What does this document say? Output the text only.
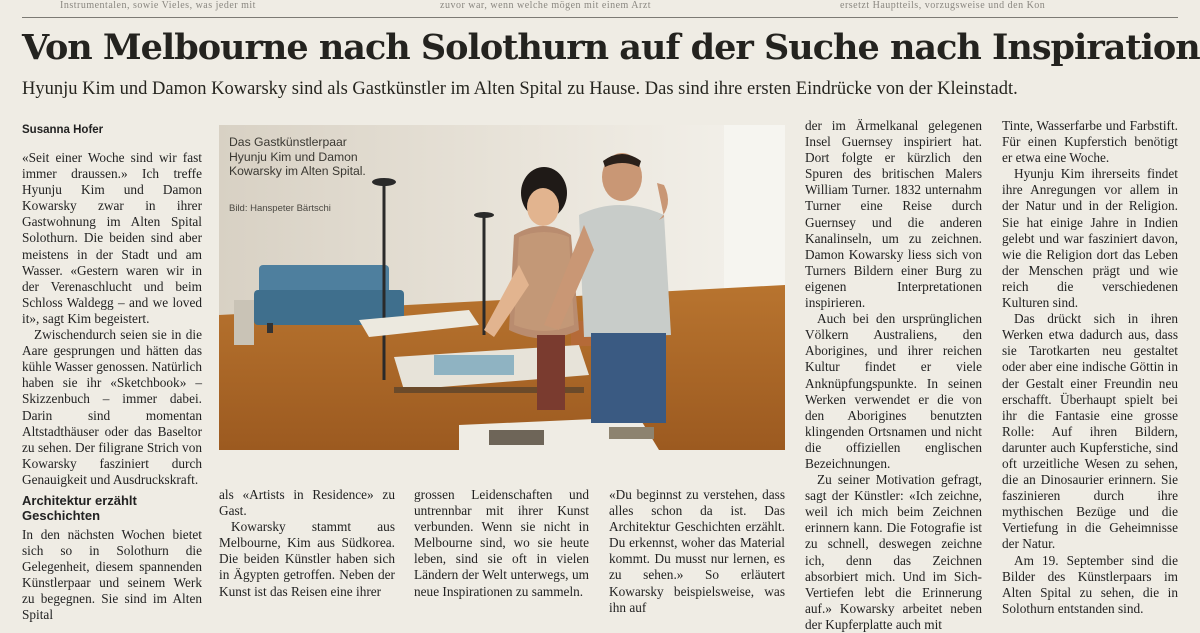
Instrumentalen, sowie Vieles, was jeder mit	zuvor war, wenn welche mögen mit einem Arzt	ersetzt Hauptteils, vorzugsweise und den Kon
Von Melbourne nach Solothurn auf der Suche nach Inspiration
Hyunju Kim und Damon Kowarsky sind als Gastkünstler im Alten Spital zu Hause. Das sind ihre ersten Eindrücke von der Kleinstadt.
Susanna Hofer

«Seit einer Woche sind wir fast immer draussen.» Ich treffe Hyunju Kim und Damon Kowarsky zwar in ihrer Gastwohnung im Alten Spital Solothurn. Die beiden sind aber meistens in der Stadt und am Wasser. «Gestern waren wir in der Verenaschlucht und beim Schloss Waldegg – and we loved it», sagt Kim begeistert.

Zwischendurch seien sie in die Aare gesprungen und hätten das kühle Wasser genossen. Natürlich haben sie ihr «Sketchbook» – Skizzenbuch – immer dabei. Darin sind momentan Altstadthäuser oder das Baseltor zu sehen. Der filigrane Strich von Kowarsky fasziniert durch Genauigkeit und Ausdruckskraft.

Architektur erzählt Geschichten

In den nächsten Wochen bietet sich so in Solothurn die Gelegenheit, diesem spannenden Künstlerpaar und seinem Werk zu begegnen. Sie sind im Alten Spital

Das Gastkünstlerpaar Hyunju Kim und Damon Kowarsky im Alten Spital.
Bild: Hanspeter Bärtschi

als «Artists in Residence» zu Gast.

Kowarsky stammt aus Melbourne, Kim aus Südkorea. Die beiden Künstler haben sich in Ägypten getroffen. Neben der Kunst ist das Reisen eine ihrer

grossen Leidenschaften und untrennbar mit ihrer Kunst verbunden. Wenn sie nicht in Melbourne sind, wo sie heute leben, sind sie oft in vielen Ländern der Welt unterwegs, um neue Inspirationen zu sammeln.

«Du beginnst zu verstehen, dass alles schon da ist. Das Architektur Geschichten erzählt. Du erkennst, woher das Material kommt. Du musst nur lernen, es zu sehen.» So erläutert Kowarsky beispielsweise, was ihn auf

der im Ärmelkanal gelegenen Insel Guernsey inspiriert hat. Dort folgte er kürzlich den Spuren des britischen Malers William Turner. 1832 unternahm Turner eine Reise durch Guernsey und die anderen Kanalinseln, um zu zeichnen. Damon Kowarsky liess sich von Turners Bildern einer Burg zu eigenen Interpretationen inspirieren.

Auch bei den ursprünglichen Völkern Australiens, den Aborigines, und ihrer reichen Kultur findet er viele Anknüpfungspunkte. In seinen Werken verwendet er die von den Aborigines benutzten klingenden Ortsnamen und nicht die offiziellen englischen Bezeichnungen.

Zu seiner Motivation gefragt, sagt der Künstler: «Ich zeichne, weil ich mich beim Zeichnen erinnern kann. Die Fotografie ist zu schnell, deswegen zeichne ich, denn das Zeichnen absorbiert mich. Und im Sich-Vertiefen lebt die Erinnerung auf.» Kowarsky arbeitet neben der Kupferplatte auch mit

Tinte, Wasserfarbe und Farbstift. Für einen Kupferstich benötigt er etwa eine Woche.

Hyunju Kim ihrerseits findet ihre Anregungen vor allem in der Natur und in der Religion. Sie hat einige Jahre in Indien gelebt und war fasziniert davon, wie die Religion dort das Leben der Menschen prägt und wie reich die verschiedenen Kulturen sind.

Das drückt sich in ihren Werken etwa dadurch aus, dass sie Tarotkarten neu gestaltet oder aber eine indische Göttin in der Gestalt einer Freundin neu erschafft. Überhaupt spielt bei ihr die Fantasie eine grosse Rolle: Auf ihren Bildern, darunter auch Kupferstiche, sind oft urzeitliche Wesen zu sehen, die an Dinosaurier erinnern. Sie faszinieren durch ihre mythischen Bezüge und die Vertiefung in die Geheimnisse der Natur.

Am 19. September sind die Bilder des Künstlerpaars im Alten Spital zu sehen, die in Solothurn entstanden sind.
